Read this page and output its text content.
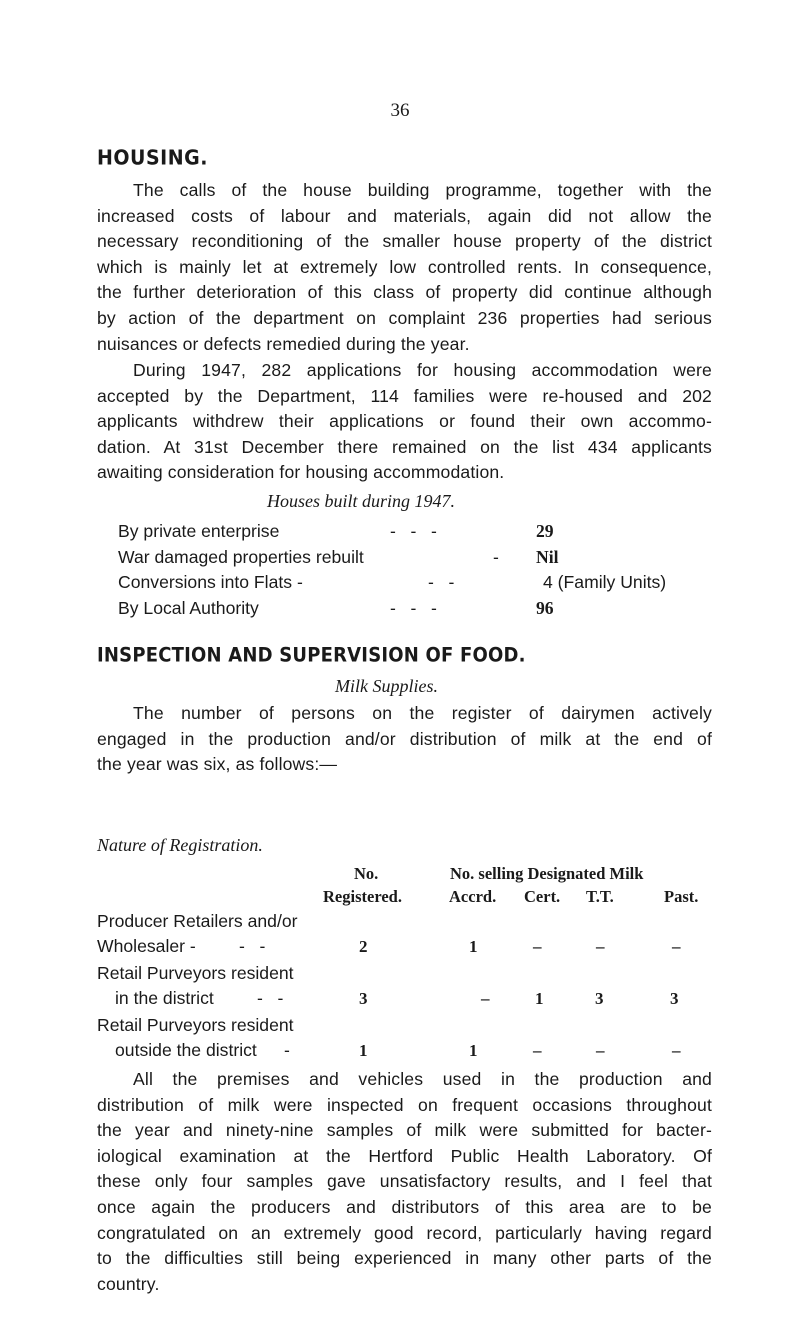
36
HOUSING.
The calls of the house building programme, together with the
increased costs of labour and materials, again did not allow the
necessary reconditioning of the smaller house property of the district
which is mainly let at extremely low controlled rents. In consequence,
the further deterioration of this class of property did continue although
by action of the department on complaint 236 properties had serious
nuisances or defects remedied during the year.
During 1947, 282 applications for housing accommodation were
accepted by the Department, 114 families were re-housed and 202
applicants withdrew their applications or found their own accommo-
dation. At 31st December there remained on the list 434 applicants
awaiting consideration for housing accommodation.
Houses built during 1947.
By private enterprise	-   -   -	29
War damaged properties rebuilt	- Nil
Conversions into Flats -	-   -	4 (Family Units)
By Local Authority	-   -   -	96
INSPECTION AND SUPERVISION OF FOOD.
Milk Supplies.
The number of persons on the register of dairymen actively
engaged in the production and/or distribution of milk at the end of
the year was six, as follows:—
Nature of Registration.
No.
Registered.
No. selling Designated Milk
Accrd. Cert. T.T.	Past.
Producer Retailers and/or
Wholesaler - -   -	2	1	–	–	–
Retail Purveyors resident
in the district -   -	3	–	1	3	3
Retail Purveyors resident
outside the district -	1	1	–	–	–
All the premises and vehicles used in the production and
distribution of milk were inspected on frequent occasions throughout
the year and ninety-nine samples of milk were submitted for bacter-
iological examination at the Hertford Public Health Laboratory. Of
these only four samples gave unsatisfactory results, and I feel that
once again the producers and distributors of this area are to be
congratulated on an extremely good record, particularly having regard
to the difficulties still being experienced in many other parts of the
country.
